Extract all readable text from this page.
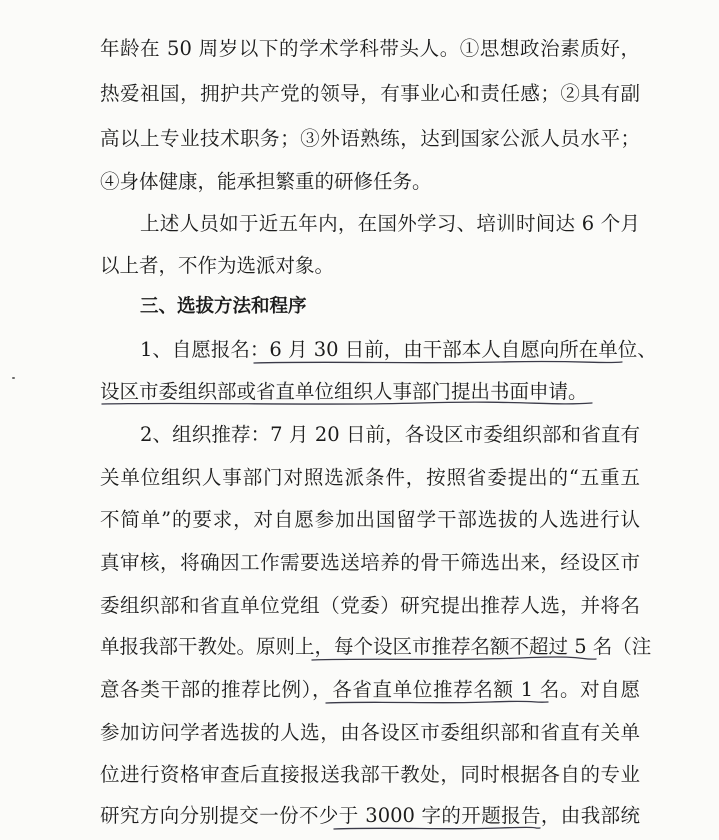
年龄在 50 周岁以下的学术学科带头人。①思想政治素质好，
热爱祖国，拥护共产党的领导，有事业心和责任感；②具有副
高以上专业技术职务；③外语熟练，达到国家公派人员水平；
④身体健康，能承担繁重的研修任务。
上述人员如于近五年内，在国外学习、培训时间达 6 个月
以上者，不作为选派对象。
三、选拔方法和程序
1、自愿报名：6 月 30 日前，由干部本人自愿向所在单位、
设区市委组织部或省直单位组织人事部门提出书面申请。
2、组织推荐：7 月 20 日前，各设区市委组织部和省直有
关单位组织人事部门对照选派条件，按照省委提出的“五重五
不简单”的要求，对自愿参加出国留学干部选拔的人选进行认
真审核，将确因工作需要选送培养的骨干筛选出来，经设区市
委组织部和省直单位党组（党委）研究提出推荐人选，并将名
单报我部干教处。原则上，每个设区市推荐名额不超过 5 名（注
意各类干部的推荐比例），各省直单位推荐名额 1 名。对自愿
参加访问学者选拔的人选，由各设区市委组织部和省直有关单
位进行资格审查后直接报送我部干教处，同时根据各自的专业
研究方向分别提交一份不少于 3000 字的开题报告，由我部统
